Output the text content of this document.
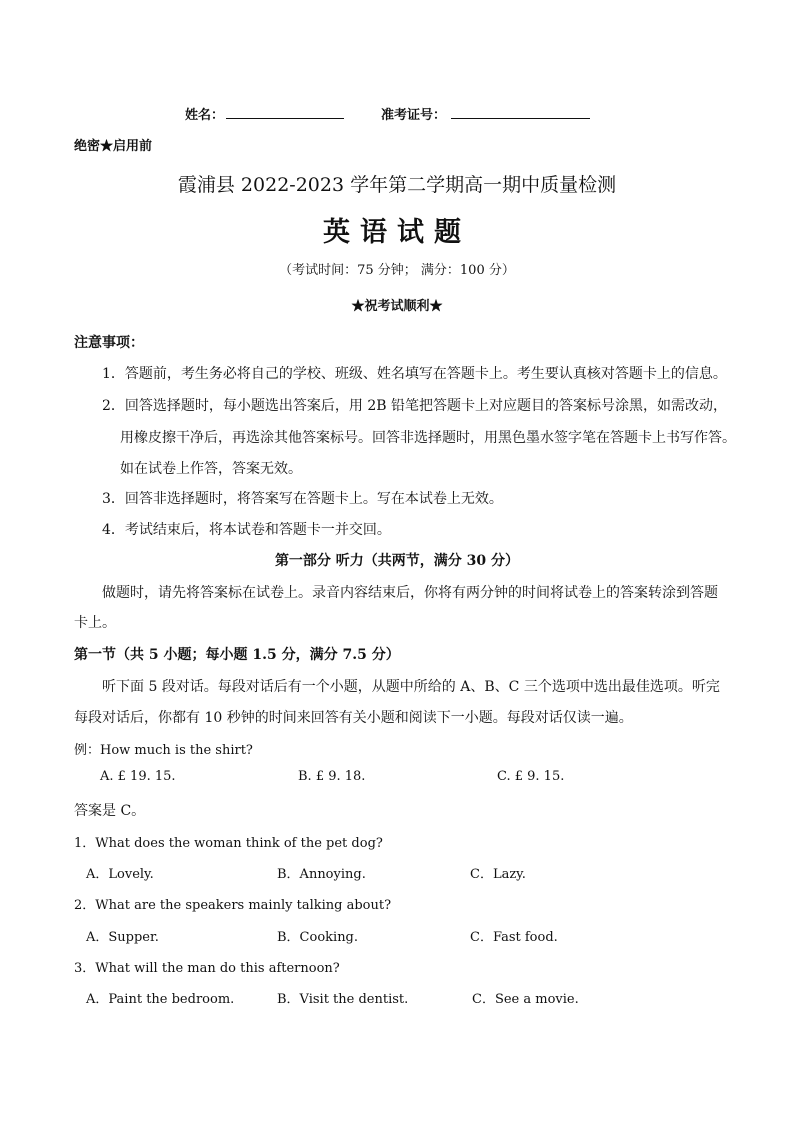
姓名：	准考证号：
绝密★启用前
霞浦县 2022-2023 学年第二学期高一期中质量检测
英语试题
（考试时间：75 分钟； 满分：100 分）
★祝考试顺利★
注意事项：
1．答题前，考生务必将自己的学校、班级、姓名填写在答题卡上。考生要认真核对答题卡上的信息。
2．回答选择题时，每小题选出答案后，用 2B 铅笔把答题卡上对应题目的答案标号涂黑，如需改动，
用橡皮擦干净后，再选涂其他答案标号。回答非选择题时，用黑色墨水签字笔在答题卡上书写作答。
如在试卷上作答，答案无效。
3．回答非选择题时，将答案写在答题卡上。写在本试卷上无效。
4．考试结束后，将本试卷和答题卡一并交回。
第一部分 听力（共两节，满分 30 分）
做题时，请先将答案标在试卷上。录音内容结束后，你将有两分钟的时间将试卷上的答案转涂到答题
卡上。
第一节（共 5 小题；每小题 1.5 分，满分 7.5 分）
听下面 5 段对话。每段对话后有一个小题，从题中所给的 A、B、C 三个选项中选出最佳选项。听完
每段对话后，你都有 10 秒钟的时间来回答有关小题和阅读下一小题。每段对话仅读一遍。
例：How much is the shirt?
A. £ 19. 15.	B. £ 9. 18.	C. £ 9. 15.
答案是 C。
1．What does the woman think of the pet dog?
A．Lovely.	B．Annoying.	C．Lazy.
2．What are the speakers mainly talking about?
A．Supper.	B．Cooking.	C．Fast food.
3．What will the man do this afternoon?
A．Paint the bedroom.	B．Visit the dentist.	C．See a movie.
